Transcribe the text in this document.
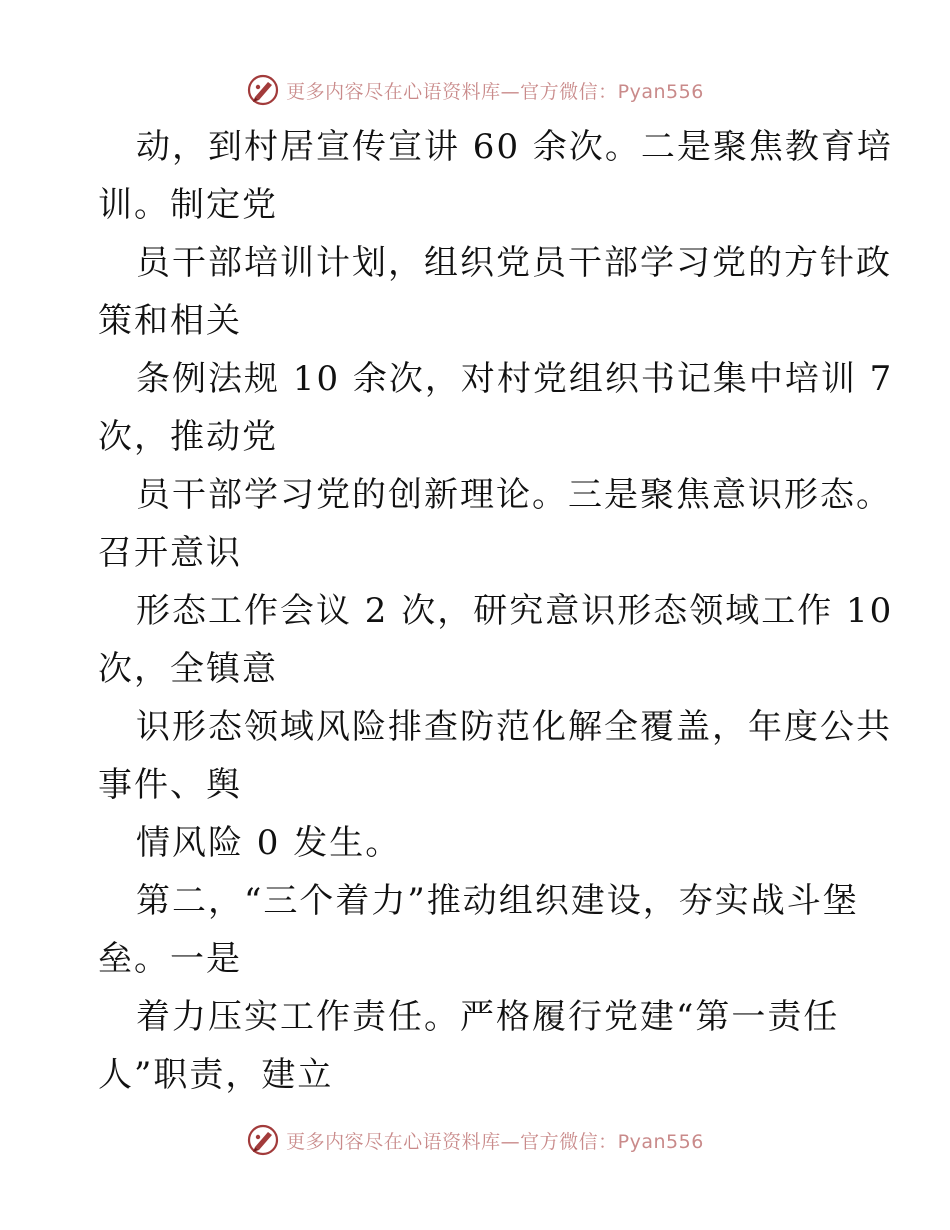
更多内容尽在心语资料库—官方微信：Pyan556
动，到村居宣传宣讲 60 余次。二是聚焦教育培
训。制定党
员干部培训计划，组织党员干部学习党的方针政
策和相关
条例法规 10 余次，对村党组织书记集中培训 7
次，推动党
员干部学习党的创新理论。三是聚焦意识形态。
召开意识
形态工作会议 2 次，研究意识形态领域工作 10
次，全镇意
识形态领域风险排查防范化解全覆盖，年度公共
事件、舆
情风险 0 发生。
第二，“三个着力”推动组织建设，夯实战斗堡
垒。一是
着力压实工作责任。严格履行党建“第一责任
人”职责，建立
更多内容尽在心语资料库—官方微信：Pyan556
